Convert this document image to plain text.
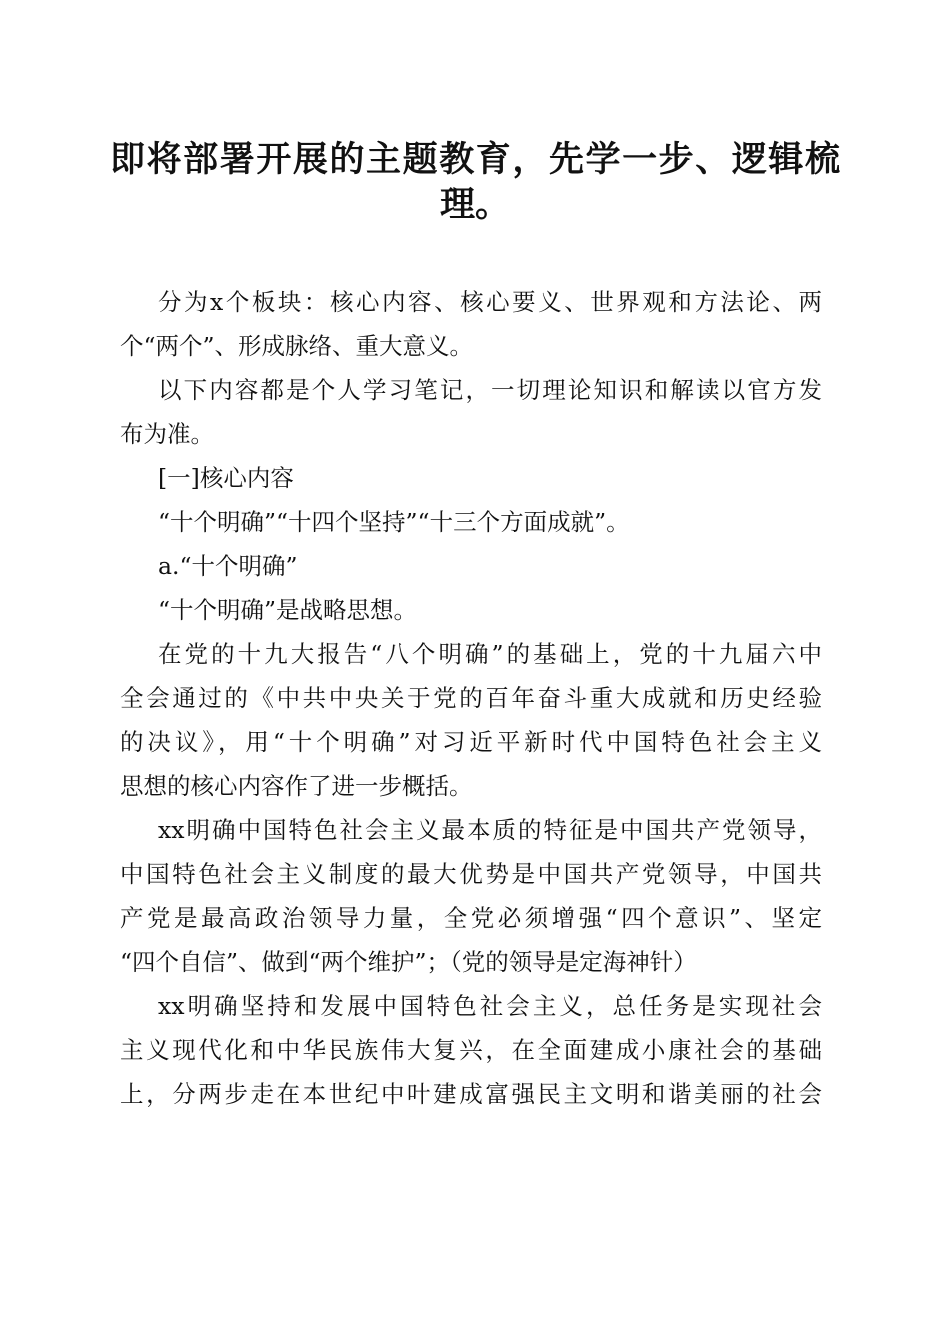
即将部署开展的主题教育，先学一步、逻辑梳
理。
分为x个板块：核心内容、核心要义、世界观和方法论、两
个“两个”、形成脉络、重大意义。
以下内容都是个人学习笔记，一切理论知识和解读以官方发
布为准。
[一]核心内容
“十个明确”“十四个坚持”“十三个方面成就”。
a.“十个明确”
“十个明确”是战略思想。
在党的十九大报告“八个明确”的基础上，党的十九届六中
全会通过的《中共中央关于党的百年奋斗重大成就和历史经验
的决议》，用“十个明确”对习近平新时代中国特色社会主义
思想的核心内容作了进一步概括。
xx明确中国特色社会主义最本质的特征是中国共产党领导，
中国特色社会主义制度的最大优势是中国共产党领导，中国共
产党是最高政治领导力量，全党必须增强“四个意识”、坚定
“四个自信”、做到“两个维护”；（党的领导是定海神针）
xx明确坚持和发展中国特色社会主义，总任务是实现社会
主义现代化和中华民族伟大复兴，在全面建成小康社会的基础
上，分两步走在本世纪中叶建成富强民主文明和谐美丽的社会
